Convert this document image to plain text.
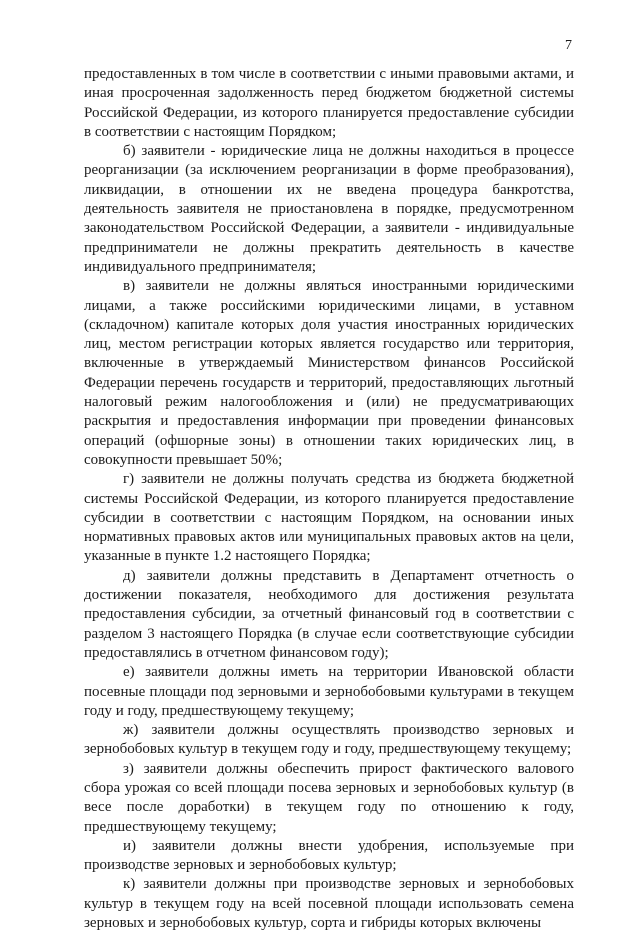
7

предоставленных в том числе в соответствии с иными правовыми актами, и иная просроченная задолженность перед бюджетом бюджетной системы Российской Федерации, из которого планируется предоставление субсидии в соответствии с настоящим Порядком;

б) заявители - юридические лица не должны находиться в процессе реорганизации (за исключением реорганизации в форме преобразования), ликвидации, в отношении их не введена процедура банкротства, деятельность заявителя не приостановлена в порядке, предусмотренном законодательством Российской Федерации, а заявители - индивидуальные предприниматели не должны прекратить деятельность в качестве индивидуального предпринимателя;

в) заявители не должны являться иностранными юридическими лицами, а также российскими юридическими лицами, в уставном (складочном) капитале которых доля участия иностранных юридических лиц, местом регистрации которых является государство или территория, включенные в утверждаемый Министерством финансов Российской Федерации перечень государств и территорий, предоставляющих льготный налоговый режим налогообложения и (или) не предусматривающих раскрытия и предоставления информации при проведении финансовых операций (офшорные зоны) в отношении таких юридических лиц, в совокупности превышает 50%;

г) заявители не должны получать средства из бюджета бюджетной системы Российской Федерации, из которого планируется предоставление субсидии в соответствии с настоящим Порядком, на основании иных нормативных правовых актов или муниципальных правовых актов на цели, указанные в пункте 1.2 настоящего Порядка;

д) заявители должны представить в Департамент отчетность о достижении показателя, необходимого для достижения результата предоставления субсидии, за отчетный финансовый год в соответствии с разделом 3 настоящего Порядка (в случае если соответствующие субсидии предоставлялись в отчетном финансовом году);

е) заявители должны иметь на территории Ивановской области посевные площади под зерновыми и зернобобовыми культурами в текущем году и году, предшествующему текущему;

ж) заявители должны осуществлять производство зерновых и зернобобовых культур в текущем году и году, предшествующему текущему;

з) заявители должны обеспечить прирост фактического валового сбора урожая со всей площади посева зерновых и зернобобовых культур (в весе после доработки) в текущем году по отношению к году, предшествующему текущему;

и) заявители должны внести удобрения, используемые при производстве зерновых и зернобобовых культур;

к) заявители должны при производстве зерновых и зернобобовых культур в текущем году на всей посевной площади использовать семена зерновых и зернобобовых культур, сорта и гибриды которых включены
